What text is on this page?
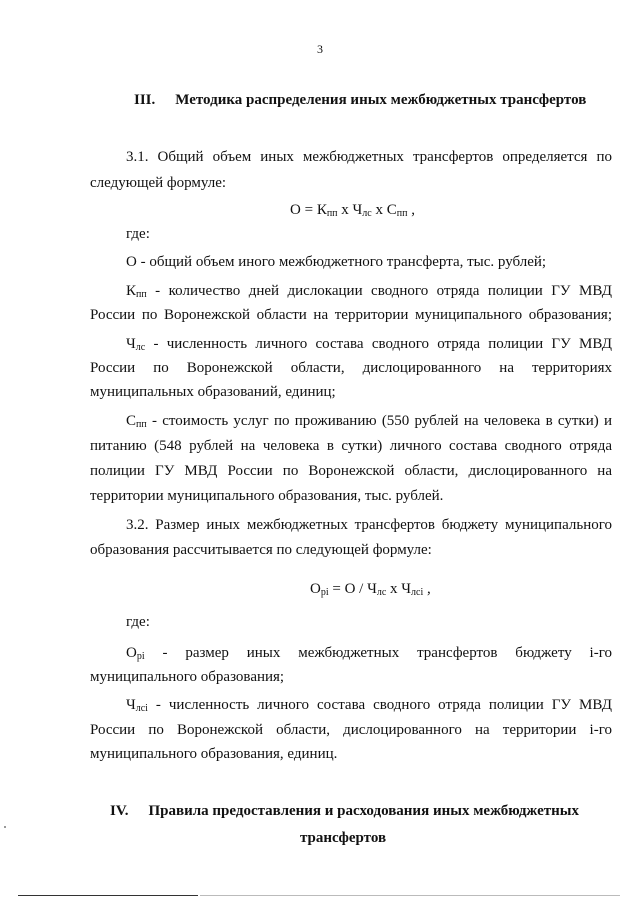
3
III. Методика распределения иных межбюджетных трансфертов
3.1. Общий объем иных межбюджетных трансфертов определяется по
следующей формуле:
$О = К_{пп}$ x $Ч_{лс}$ x $С_{пп}$ ,
где:
О - общий объем иного межбюджетного трансферта, тыс. рублей;
$К_{пп}$ - количество дней дислокации сводного отряда полиции ГУ МВД
России по Воронежской области на территории муниципального образования;
$Ч_{лс}$ - численность личного состава сводного отряда полиции ГУ МВД
России по Воронежской области, дислоцированного на территориях
муниципальных образований, единиц;
$С_{пп}$ - стоимость услуг по проживанию (550 рублей на человека в сутки) и
питанию (548 рублей на человека в сутки) личного состава сводного отряда
полиции ГУ МВД России по Воронежской области, дислоцированного на
территории муниципального образования, тыс. рублей.
3.2. Размер иных межбюджетных трансфертов бюджету муниципального
образования рассчитывается по следующей формуле:
$О_{pi} = О / Ч_{лс}$ x $Ч_{лсi}$ ,
где:
$О_{pi}$ - размер иных межбюджетных трансфертов бюджету i-го
муниципального образования;
$Ч_{лсi}$ - численность личного состава сводного отряда полиции ГУ МВД
России по Воронежской области, дислоцированного на территории i-го
муниципального образования, единиц.
IV. Правила предоставления и расходования иных межбюджетных
трансфертов
